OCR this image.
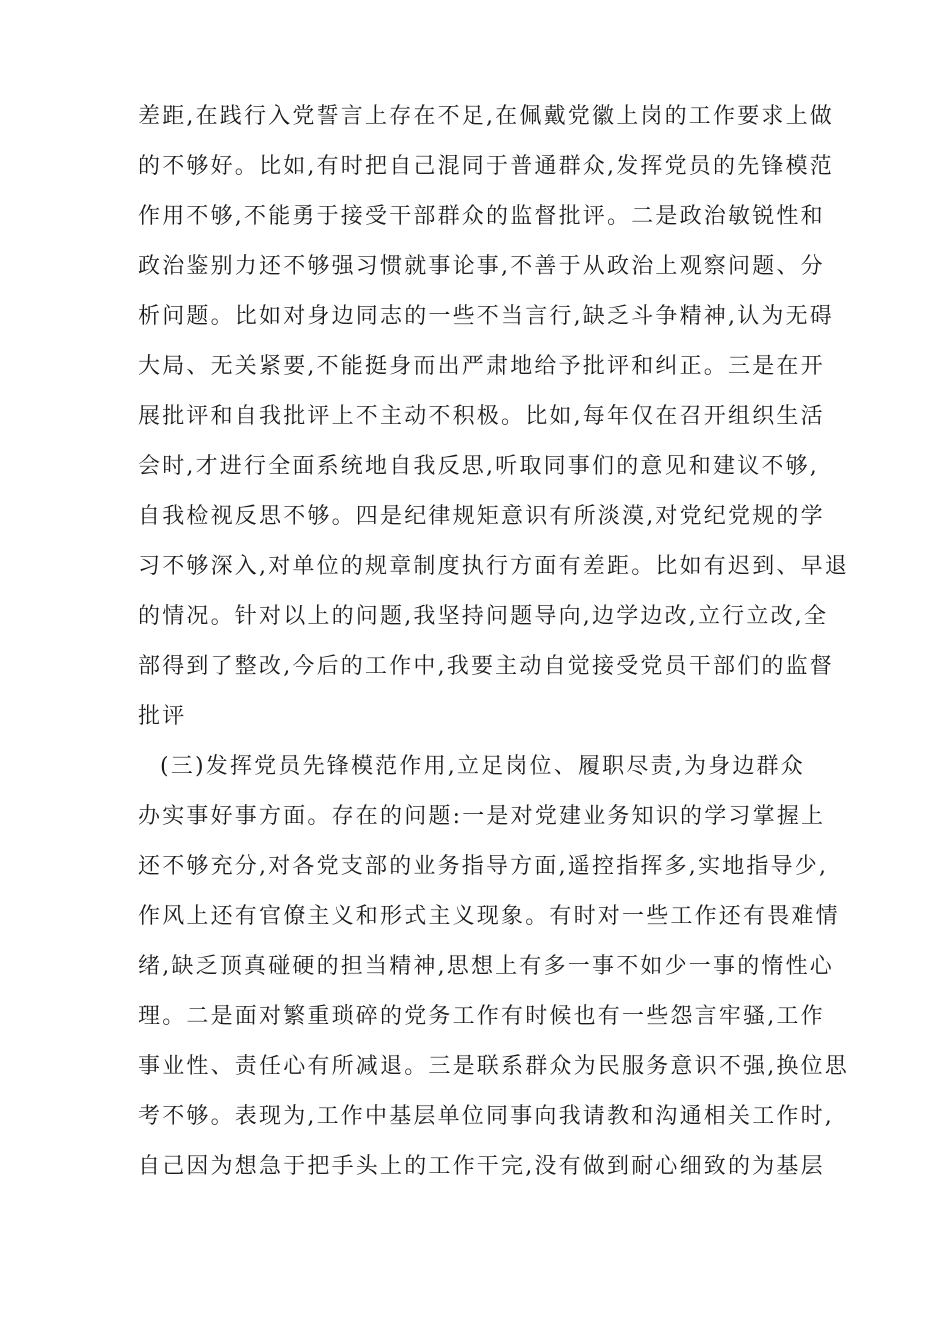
差距,在践行入党誓言上存在不足,在佩戴党徽上岗的工作要求上做
的不够好。比如,有时把自己混同于普通群众,发挥党员的先锋模范
作用不够,不能勇于接受干部群众的监督批评。二是政治敏锐性和
政治鉴别力还不够强习惯就事论事,不善于从政治上观察问题、分
析问题。比如对身边同志的一些不当言行,缺乏斗争精神,认为无碍
大局、无关紧要,不能挺身而出严肃地给予批评和纠正。三是在开
展批评和自我批评上不主动不积极。比如,每年仅在召开组织生活
会时,才进行全面系统地自我反思,听取同事们的意见和建议不够,
自我检视反思不够。四是纪律规矩意识有所淡漠,对党纪党规的学
习不够深入,对单位的规章制度执行方面有差距。比如有迟到、早退
的情况。针对以上的问题,我坚持问题导向,边学边改,立行立改,全
部得到了整改,今后的工作中,我要主动自觉接受党员干部们的监督
批评
(三)发挥党员先锋模范作用,立足岗位、履职尽责,为身边群众
办实事好事方面。存在的问题:一是对党建业务知识的学习掌握上
还不够充分,对各党支部的业务指导方面,遥控指挥多,实地指导少,
作风上还有官僚主义和形式主义现象。有时对一些工作还有畏难情
绪,缺乏顶真碰硬的担当精神,思想上有多一事不如少一事的惰性心
理。二是面对繁重琐碎的党务工作有时候也有一些怨言牢骚,工作
事业性、责任心有所减退。三是联系群众为民服务意识不强,换位思
考不够。表现为,工作中基层单位同事向我请教和沟通相关工作时,
自己因为想急于把手头上的工作干完,没有做到耐心细致的为基层
